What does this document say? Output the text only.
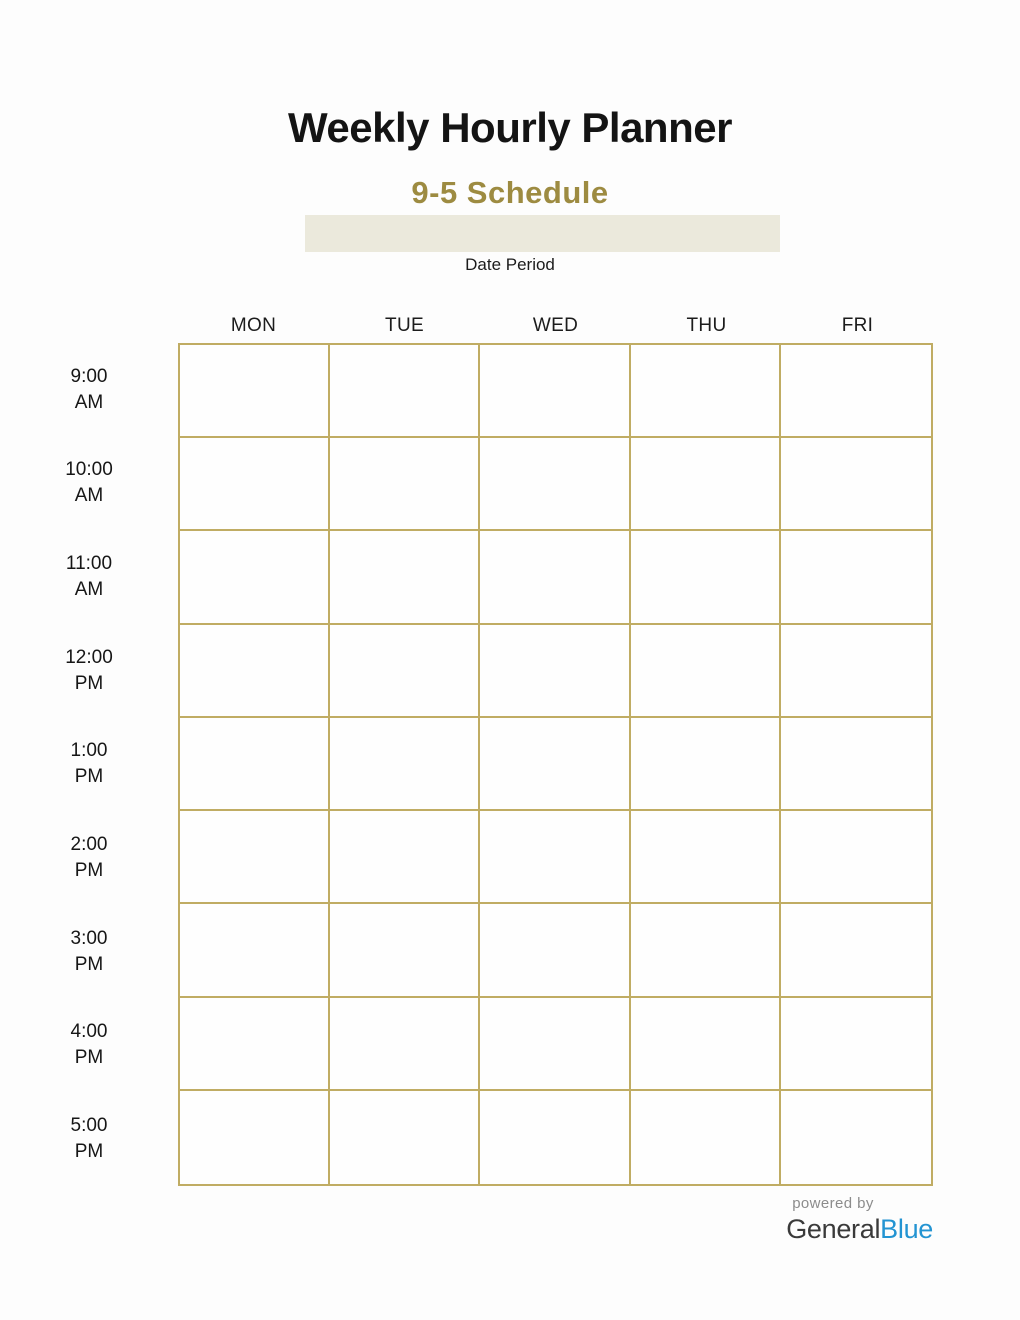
Weekly Hourly Planner
9-5 Schedule
Date Period
MON	TUE	WED	THU	FRI
9:00
AM
10:00
AM
11:00
AM
12:00
PM
1:00
PM
2:00
PM
3:00
PM
4:00
PM
5:00
PM
powered by
GeneralBlue
